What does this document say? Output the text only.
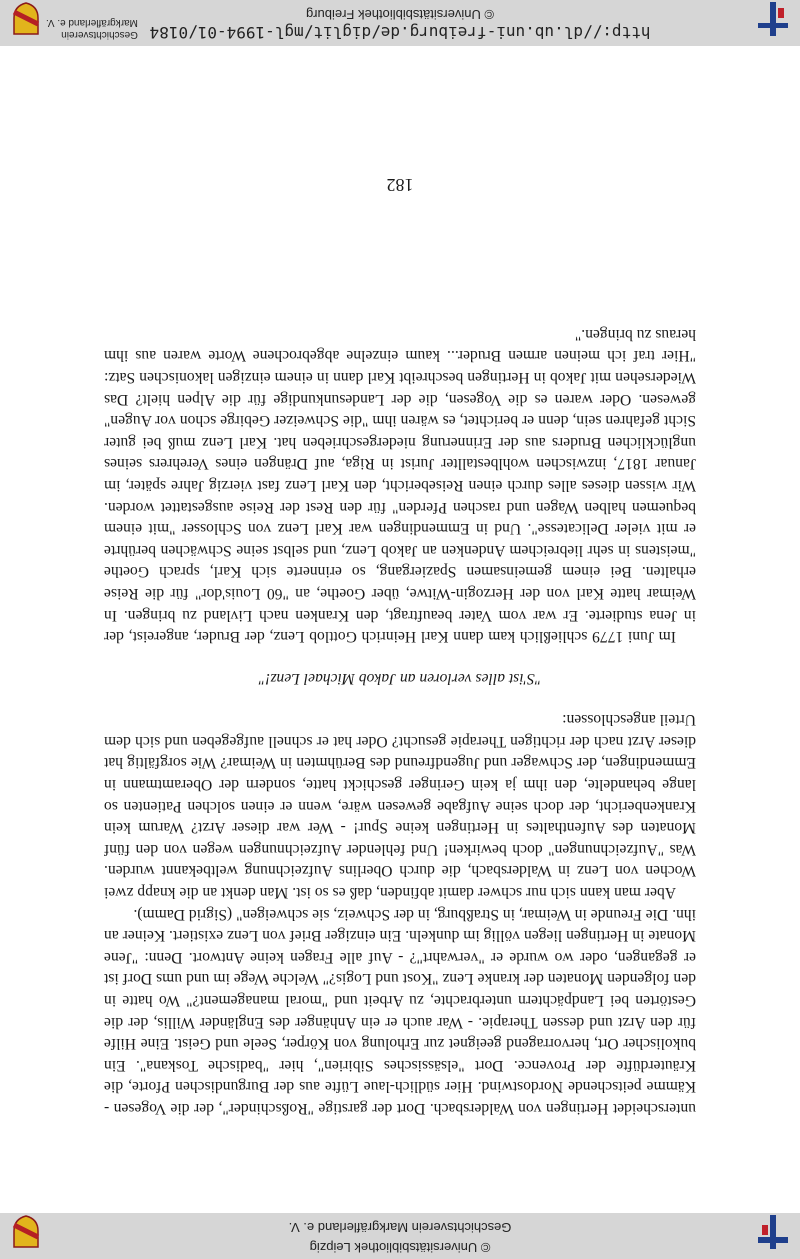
© Universitätsbibliothek Leipzig
Geschichtsverein Markgräflerland e. V.

unterscheidet Hertingen von Waldersbach. Dort der garstige "Roßschinder", der die Vogesen - Kämme peitschende Nordostwind. Hier südlich-laue Lüfte aus der Burgundischen Pforte, die Kräuterdüfte der Provence. Dort "elsässisches Sibirien", hier "badische Toskana". Ein bukolischer Ort, hervorragend geeignet zur Erholung von Körper, Seele und Geist. Eine Hilfe für den Arzt und dessen Therapie. - War auch er ein Anhänger des Engländer Willis, der die Gestörten bei Landpächtern unterbrachte, zu Arbeit und "moral management?" Wo hatte in den folgenden Monaten der kranke Lenz "Kost und Logis?" Welche Wege im und ums Dorf ist er gegangen, oder wo wurde er "verwahrt"? - Auf alle Fragen keine Antwort. Denn: "Jene Monate in Hertingen liegen völlig im dunkeln. Ein einziger Brief von Lenz existiert. Keiner an ihn. Die Freunde in Weimar, in Straßburg, in der Schweiz, sie schweigen" (Sigrid Damm).

Aber man kann sich nur schwer damit abfinden, daß es so ist. Man denkt an die knapp zwei Wochen von Lenz in Waldersbach, die durch Oberlins Aufzeichnung weltbekannt wurden. Was "Aufzeichnungen" doch bewirken! Und fehlender Aufzeichnungen wegen von den fünf Monaten des Aufenthaltes in Hertingen keine Spur! - Wer war dieser Arzt? Warum kein Krankenbericht, der doch seine Aufgabe gewesen wäre, wenn er einen solchen Patienten so lange behandelte, den ihm ja kein Geringer geschickt hatte, sondern der Oberamtmann in Emmendingen, der Schwager und Jugendfreund des Berühmten in Weimar? Wie sorgfältig hat dieser Arzt nach der richtigen Therapie gesucht? Oder hat er schnell aufgegeben und sich dem Urteil angeschlossen:

"S'ist alles verloren an Jakob Michael Lenz!"

Im Juni 1779 schließlich kam dann Karl Heinrich Gottlob Lenz, der Bruder, angereist, der in Jena studierte. Er war vom Vater beauftragt, den Kranken nach Livland zu bringen. In Weimar hatte Karl von der Herzogin-Witwe, über Goethe, an "60 Louis'dor" für die Reise erhalten. Bei einem gemeinsamen Spaziergang, so erinnerte sich Karl, sprach Goethe "meistens in sehr liebreichem Andenken an Jakob Lenz, und selbst seine Schwächen berührte er mit vieler Delicatesse". Und in Emmendingen war Karl Lenz von Schlosser "mit einem bequemen halben Wagen und raschen Pferden" für den Rest der Reise ausgestattet worden. Wir wissen dieses alles durch einen Reisebericht, den Karl Lenz fast vierzig Jahre später, im Januar 1817, inzwischen wohlbestallter Jurist in Riga, auf Drängen eines Verehrers seines unglücklichen Bruders aus der Erinnerung niedergeschrieben hat. Karl Lenz muß bei guter Sicht gefahren sein, denn er berichtet, es wären ihm "die Schweizer Gebirge schon vor Augen" gewesen. Oder waren es die Vogesen, die der Landesunkundige für die Alpen hielt? Das Wiedersehen mit Jakob in Hertingen beschreibt Karl dann in einem einzigen lakonischen Satz: "Hier traf ich meinen armen Bruder... kaum einzelne abgebrochene Worte waren aus ihm heraus zu bringen."

182
Geschichtsverein
Markgräflerland e. V.
http://dl.ub.uni-freiburg.de/diglit/mgl-1994-01/0184
© Universitätsbibliothek Freiburg
